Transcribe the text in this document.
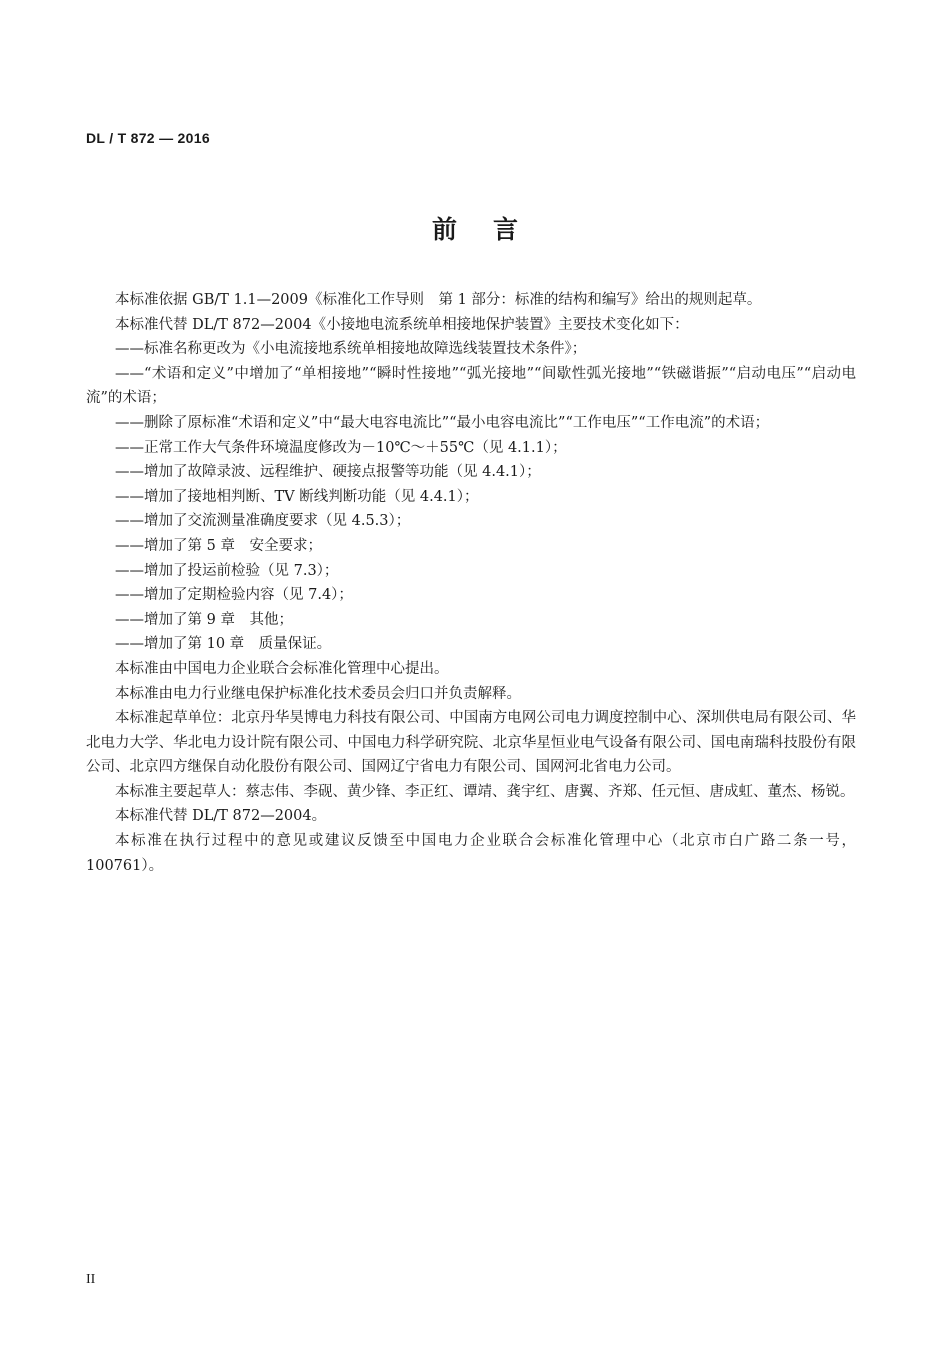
DL / T 872 — 2016

前言

本标准依据 GB/T 1.1—2009《标准化工作导则　第 1 部分：标准的结构和编写》给出的规则起草。

本标准代替 DL/T 872—2004《小接地电流系统单相接地保护装置》主要技术变化如下：

——标准名称更改为《小电流接地系统单相接地故障选线装置技术条件》；

——“术语和定义”中增加了“单相接地”“瞬时性接地”“弧光接地”“间歇性弧光接地”“铁磁谐振”“启动电压”“启动电流”的术语；

——删除了原标准“术语和定义”中“最大电容电流比”“最小电容电流比”“工作电压”“工作电流”的术语；

——正常工作大气条件环境温度修改为－10℃～＋55℃（见 4.1.1）；

——增加了故障录波、远程维护、硬接点报警等功能（见 4.4.1）；

——增加了接地相判断、TV 断线判断功能（见 4.4.1）；

——增加了交流测量准确度要求（见 4.5.3）；

——增加了第 5 章　安全要求；

——增加了投运前检验（见 7.3）；

——增加了定期检验内容（见 7.4）；

——增加了第 9 章　其他；

——增加了第 10 章　质量保证。

本标准由中国电力企业联合会标准化管理中心提出。

本标准由电力行业继电保护标准化技术委员会归口并负责解释。

本标准起草单位：北京丹华昊博电力科技有限公司、中国南方电网公司电力调度控制中心、深圳供电局有限公司、华北电力大学、华北电力设计院有限公司、中国电力科学研究院、北京华星恒业电气设备有限公司、国电南瑞科技股份有限公司、北京四方继保自动化股份有限公司、国网辽宁省电力有限公司、国网河北省电力公司。

本标准主要起草人：蔡志伟、李砚、黄少锋、李正红、谭靖、龚宇红、唐翼、齐郑、任元恒、唐成虹、董杰、杨锐。

本标准代替 DL/T 872—2004。

本标准在执行过程中的意见或建议反馈至中国电力企业联合会标准化管理中心（北京市白广路二条一号，100761）。

II
